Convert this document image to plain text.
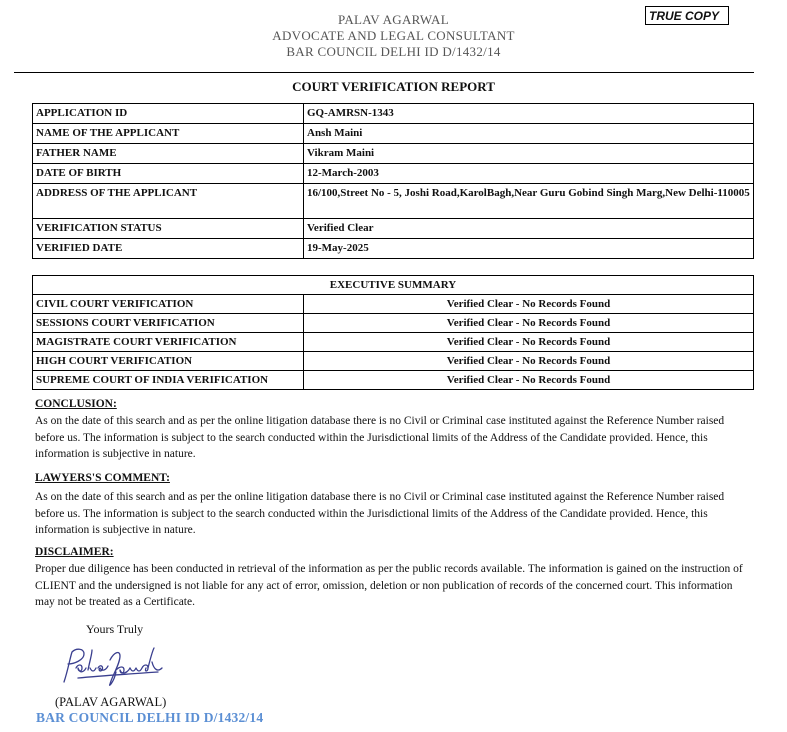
PALAV AGARWAL
ADVOCATE AND LEGAL CONSULTANT
BAR COUNCIL DELHI ID D/1432/14
TRUE COPY
COURT VERIFICATION REPORT
APPLICATION ID	GQ-AMRSN-1343
NAME OF THE APPLICANT	Ansh Maini
FATHER NAME	Vikram Maini
DATE OF BIRTH	12-March-2003
ADDRESS OF THE APPLICANT	16/100,Street No - 5, Joshi Road,KarolBagh,Near Guru Gobind Singh Marg,New Delhi-110005
VERIFICATION STATUS	Verified Clear
VERIFIED DATE	19-May-2025
EXECUTIVE SUMMARY	
CIVIL COURT VERIFICATION	Verified Clear - No Records Found
SESSIONS COURT VERIFICATION	Verified Clear - No Records Found
MAGISTRATE COURT VERIFICATION	Verified Clear - No Records Found
HIGH COURT VERIFICATION	Verified Clear - No Records Found
SUPREME COURT OF INDIA VERIFICATION	Verified Clear - No Records Found
CONCLUSION:
As on the date of this search and as per the online litigation database there is no Civil or Criminal case instituted against the Reference Number raised before us. The information is subject to the search conducted within the Jurisdictional limits of the Address of the Candidate provided. Hence, this information is subjective in nature.
LAWYERS'S COMMENT:
As on the date of this search and as per the online litigation database there is no Civil or Criminal case instituted against the Reference Number raised before us. The information is subject to the search conducted within the Jurisdictional limits of the Address of the Candidate provided. Hence, this information is subjective in nature.
DISCLAIMER:
Proper due diligence has been conducted in retrieval of the information as per the public records available. The information is gained on the instruction of CLIENT and the undersigned is not liable for any act of error, omission, deletion or non publication of records of the concerned court. This information may not be treated as a Certificate.
Yours Truly
(PALAV AGARWAL)
BAR COUNCIL DELHI ID D/1432/14
